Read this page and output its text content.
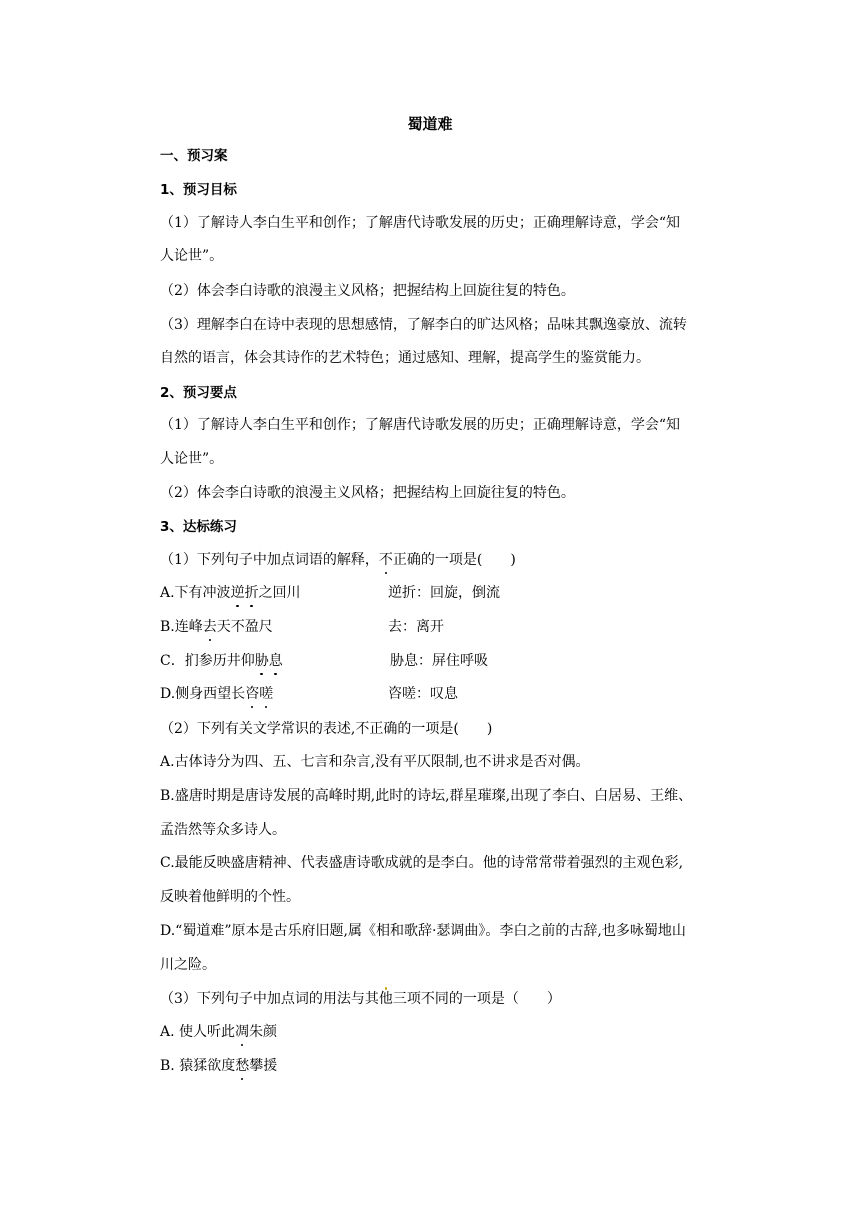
蜀道难
一、预习案
1、预习目标
（1）了解诗人李白生平和创作；了解唐代诗歌发展的历史；正确理解诗意，学会“知
人论世”。
（2）体会李白诗歌的浪漫主义风格；把握结构上回旋往复的特色。
（3）理解李白在诗中表现的思想感情，了解李白的旷达风格；品味其飘逸豪放、流转
自然的语言，体会其诗作的艺术特色；通过感知、理解，提高学生的鉴赏能力。
2、预习要点
（1）了解诗人李白生平和创作；了解唐代诗歌发展的历史；正确理解诗意，学会“知
人论世”。
（2）体会李白诗歌的浪漫主义风格；把握结构上回旋往复的特色。
3、达标练习
（1）下列句子中加点词语的解释，不正确的一项是(　　)
A.下有冲波逆折之回川	逆折：回旋，倒流
B.连峰去天不盈尺	去：离开
C．扪参历井仰胁息	胁息：屏住呼吸
D.侧身西望长咨嗟	咨嗟：叹息
（2）下列有关文学常识的表述,不正确的一项是(　　)
A.古体诗分为四、五、七言和杂言,没有平仄限制,也不讲求是否对偶。
B.盛唐时期是唐诗发展的高峰时期,此时的诗坛,群星璀璨,出现了李白、白居易、王维、
孟浩然等众多诗人。
C.最能反映盛唐精神、代表盛唐诗歌成就的是李白。他的诗常常带着强烈的主观色彩,
反映着他鲜明的个性。
D.“蜀道难”原本是古乐府旧题,属《相和歌辞·瑟调曲》。李白之前的古辞,也多咏蜀地山
川之险。
（3）下列句子中加点词的用法与其他三项不同的一项是（　　）
A. 使人听此凋朱颜
B. 猿猱欲度愁攀援
